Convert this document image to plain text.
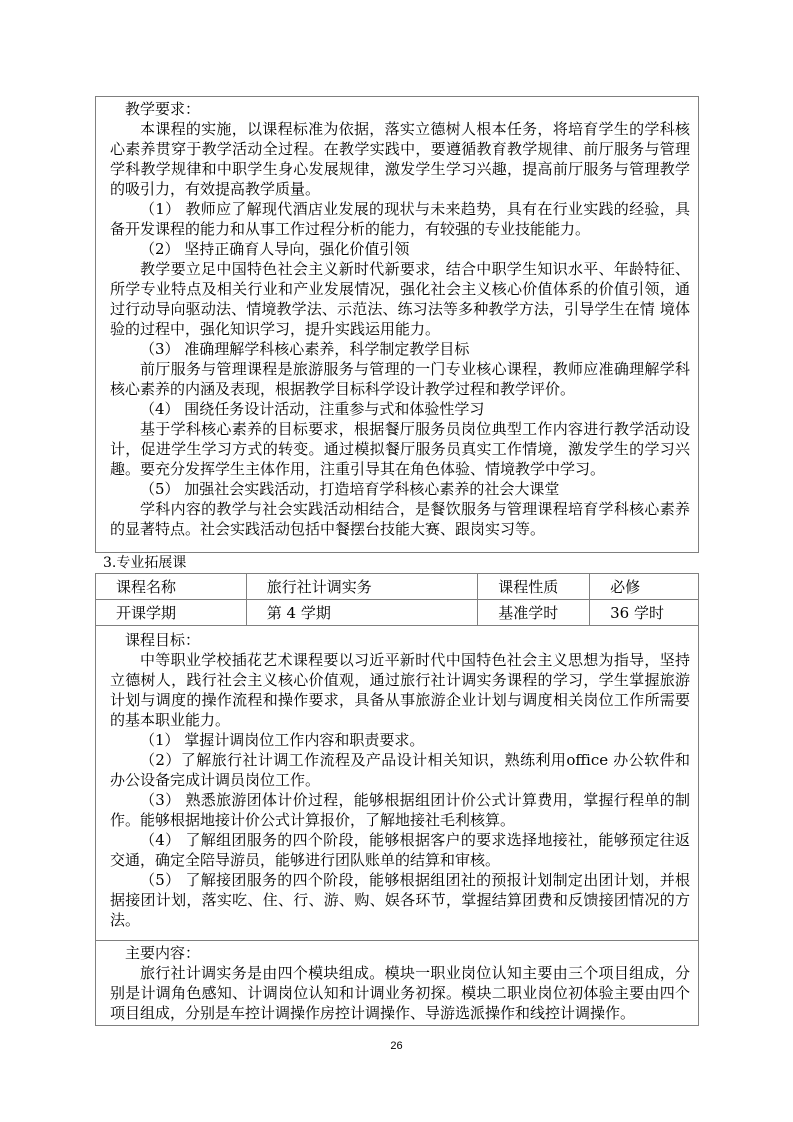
教学要求：

本课程的实施，以课程标准为依据，落实立德树人根本任务，将培育学生的学科核心素养贯穿于教学活动全过程。在教学实践中，要遵循教育教学规律、前厅服务与管理学科教学规律和中职学生身心发展规律，激发学生学习兴趣，提高前厅服务与管理教学的吸引力，有效提高教学质量。

（1） 教师应了解现代酒店业发展的现状与未来趋势，具有在行业实践的经验，具备开发课程的能力和从事工作过程分析的能力，有较强的专业技能能力。

（2） 坚持正确育人导向，强化价值引领

教学要立足中国特色社会主义新时代新要求，结合中职学生知识水平、年龄特征、所学专业特点及相关行业和产业发展情况，强化社会主义核心价值体系的价值引领，通过行动导向驱动法、情境教学法、示范法、练习法等多种教学方法，引导学生在情 境体验的过程中，强化知识学习，提升实践运用能力。

（3） 准确理解学科核心素养，科学制定教学目标

前厅服务与管理课程是旅游服务与管理的一门专业核心课程，教师应准确理解学科核心素养的内涵及表现，根据教学目标科学设计教学过程和教学评价。

（4） 围绕任务设计活动，注重参与式和体验性学习

基于学科核心素养的目标要求，根据餐厅服务员岗位典型工作内容进行教学活动设计，促进学生学习方式的转变。通过模拟餐厅服务员真实工作情境，激发学生的学习兴趣。要充分发挥学生主体作用，注重引导其在角色体验、情境教学中学习。

（5） 加强社会实践活动，打造培育学科核心素养的社会大课堂

学科内容的教学与社会实践活动相结合，是餐饮服务与管理课程培育学科核心素养的显著特点。社会实践活动包括中餐摆台技能大赛、跟岗实习等。

3.专业拓展课
课程名称	旅行社计调实务	课程性质	必修
开课学期	第 4 学期	基准学时	36 学时

课程目标：

中等职业学校插花艺术课程要以习近平新时代中国特色社会主义思想为指导，坚持立德树人，践行社会主义核心价值观，通过旅行社计调实务课程的学习，学生掌握旅游计划与调度的操作流程和操作要求，具备从事旅游企业计划与调度相关岗位工作所需要的基本职业能力。

（1） 掌握计调岗位工作内容和职责要求。

（2）了解旅行社计调工作流程及产品设计相关知识，熟练利用office 办公软件和办公设备完成计调员岗位工作。

（3） 熟悉旅游团体计价过程，能够根据组团计价公式计算费用，掌握行程单的制作。能够根据地接计价公式计算报价，了解地接社毛利核算。

（4） 了解组团服务的四个阶段，能够根据客户的要求选择地接社，能够预定往返交通，确定全陪导游员，能够进行团队账单的结算和审核。

（5） 了解接团服务的四个阶段，能够根据组团社的预报计划制定出团计划，并根据接团计划，落实吃、住、行、游、购、娱各环节，掌握结算团费和反馈接团情况的方法。

主要内容：

旅行社计调实务是由四个模块组成。模块一职业岗位认知主要由三个项目组成，分别是计调角色感知、计调岗位认知和计调业务初探。模块二职业岗位初体验主要由四个项目组成，分别是车控计调操作房控计调操作、导游选派操作和线控计调操作。

26
